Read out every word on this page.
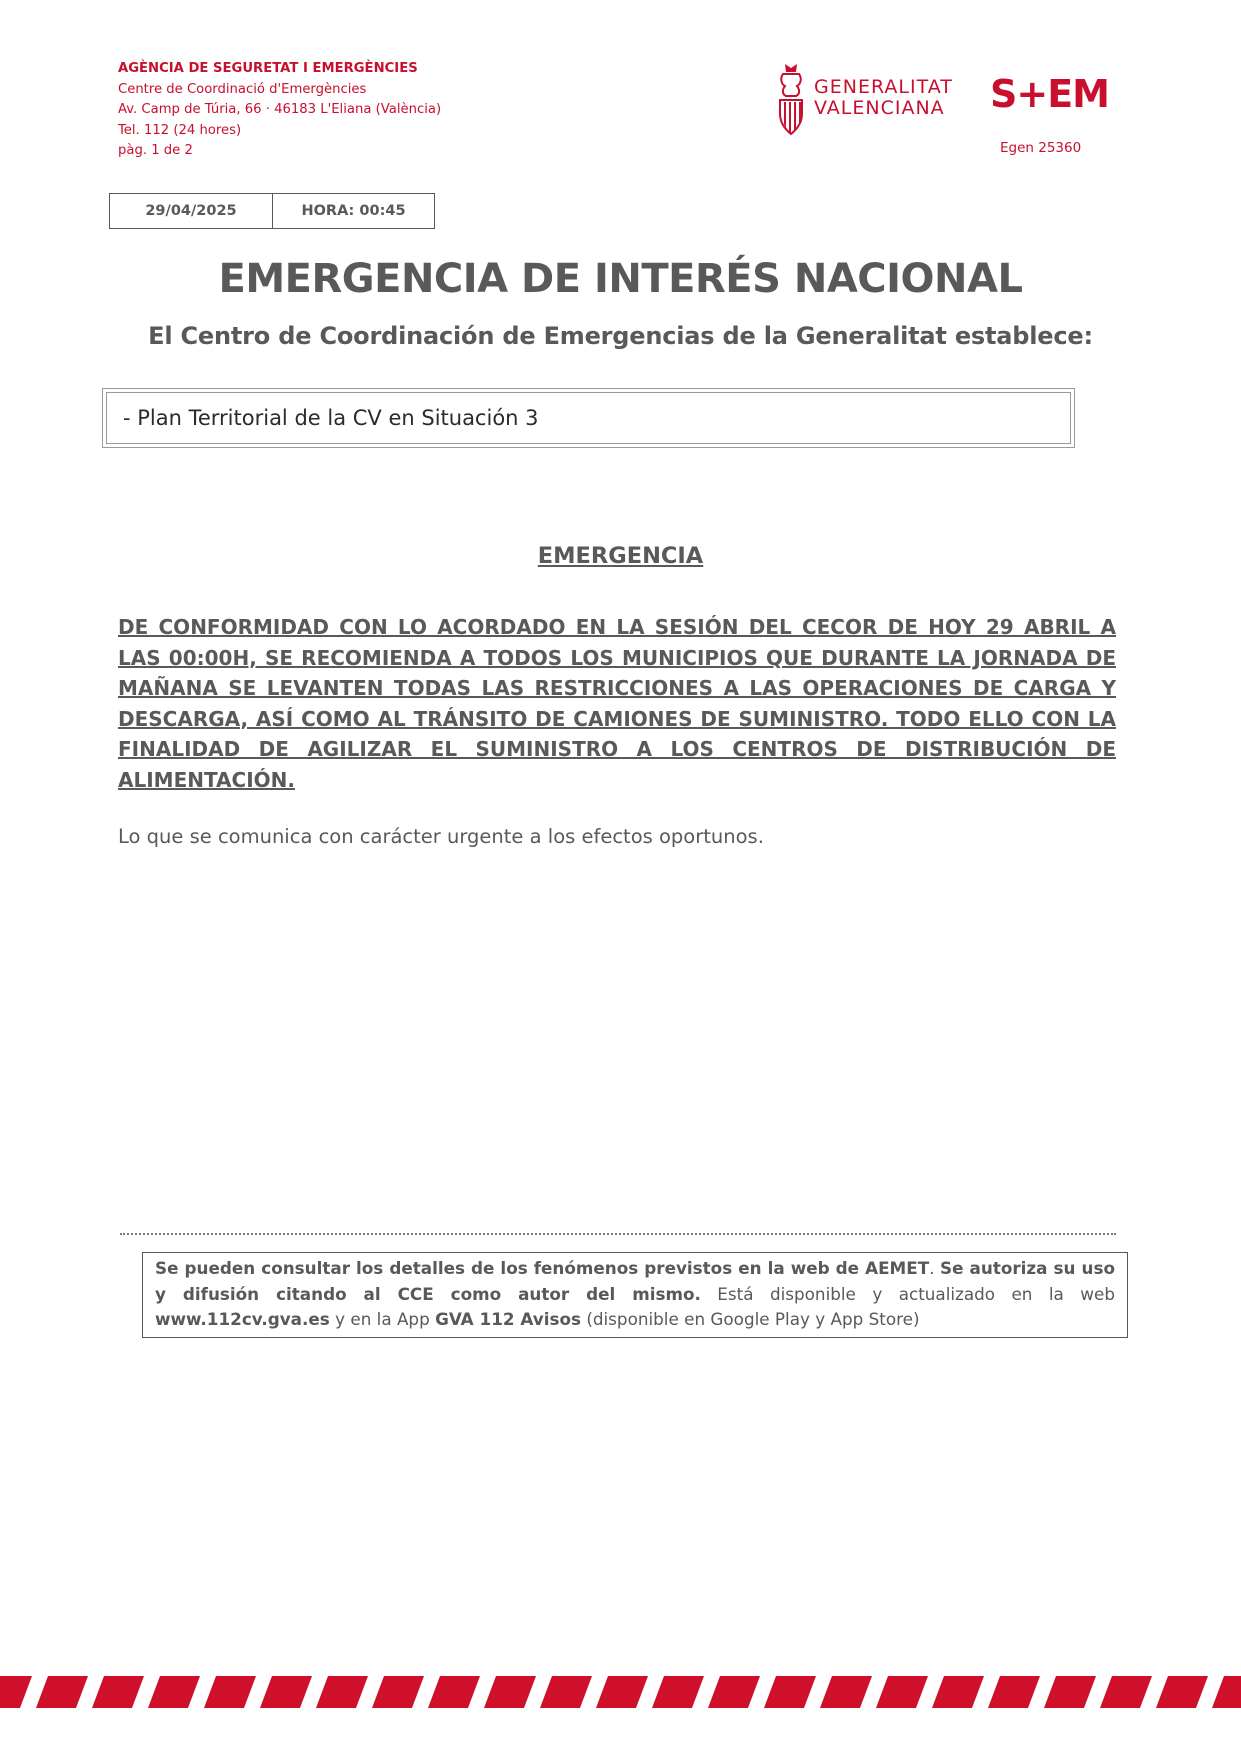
AGÈNCIA DE SEGURETAT I EMERGÈNCIES
Centre de Coordinació d'Emergències
Av. Camp de Túria, 66 · 46183 L'Eliana (València)
Tel. 112 (24 hores)
pàg. 1 de 2
GENERALITAT
VALENCIANA S+EM
Egen 25360
29/04/2025	HORA: 00:45
EMERGENCIA DE INTERÉS NACIONAL
El Centro de Coordinación de Emergencias de la Generalitat establece:
- Plan Territorial de la CV en Situación 3
EMERGENCIA
DE CONFORMIDAD CON LO ACORDADO EN LA SESIÓN DEL CECOR DE HOY 29 ABRIL A LAS 00:00H, SE RECOMIENDA A TODOS LOS MUNICIPIOS QUE DURANTE LA JORNADA DE MAÑANA SE LEVANTEN TODAS LAS RESTRICCIONES A LAS OPERACIONES DE CARGA Y DESCARGA, ASÍ COMO AL TRÁNSITO DE CAMIONES DE SUMINISTRO. TODO ELLO CON LA FINALIDAD DE AGILIZAR EL SUMINISTRO A LOS CENTROS DE DISTRIBUCIÓN DE ALIMENTACIÓN.
Lo que se comunica con carácter urgente a los efectos oportunos.
Se pueden consultar los detalles de los fenómenos previstos en la web de AEMET. Se autoriza su uso y difusión citando al CCE como autor del mismo. Está disponible y actualizado en la web www.112cv.gva.es y en la App GVA 112 Avisos (disponible en Google Play y App Store)
